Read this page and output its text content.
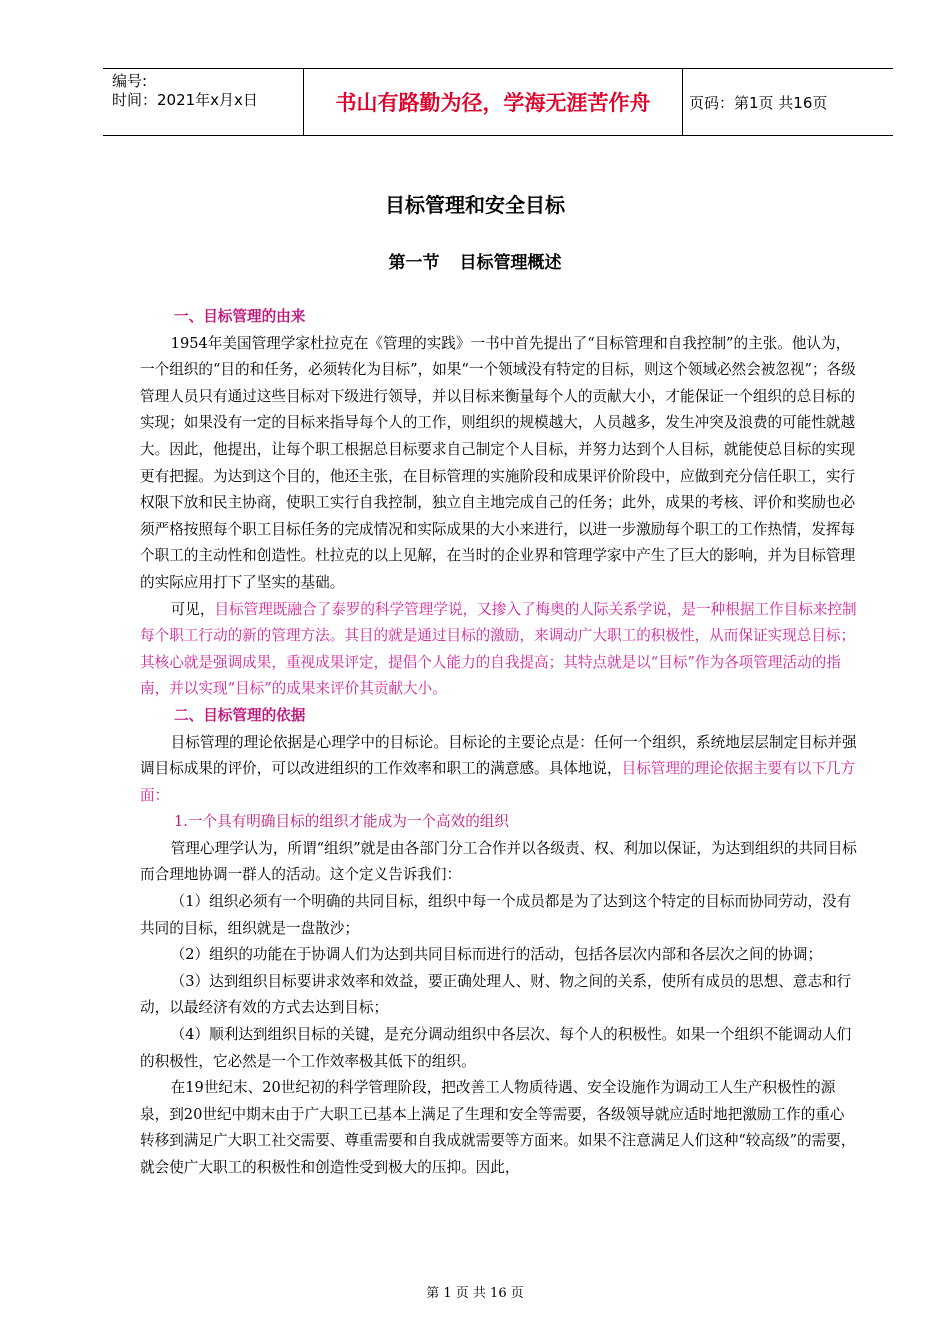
编号:
时间：2021年x月x日	书山有路勤为径，学海无涯苦作舟	页码：第1页 共16页
目标管理和安全目标
第一节 目标管理概述

一、目标管理的由来

1954年美国管理学家杜拉克在《管理的实践》一书中首先提出了“目标管理和自我控制”的主张。他认为，一个组织的“目的和任务，必须转化为目标”，如果“一个领域没有特定的目标，则这个领域必然会被忽视”；各级管理人员只有通过这些目标对下级进行领导，并以目标来衡量每个人的贡献大小，才能保证一个组织的总目标的实现；如果没有一定的目标来指导每个人的工作，则组织的规模越大，人员越多，发生冲突及浪费的可能性就越大。因此，他提出，让每个职工根据总目标要求自己制定个人目标，并努力达到个人目标，就能使总目标的实现更有把握。为达到这个目的，他还主张，在目标管理的实施阶段和成果评价阶段中，应做到充分信任职工，实行权限下放和民主协商，使职工实行自我控制，独立自主地完成自己的任务；此外，成果的考核、评价和奖励也必须严格按照每个职工目标任务的完成情况和实际成果的大小来进行，以进一步激励每个职工的工作热情，发挥每个职工的主动性和创造性。杜拉克的以上见解，在当时的企业界和管理学家中产生了巨大的影响，并为目标管理的实际应用打下了坚实的基础。

可见，目标管理既融合了泰罗的科学管理学说，又掺入了梅奥的人际关系学说，是一种根据工作目标来控制每个职工行动的新的管理方法。其目的就是通过目标的激励，来调动广大职工的积极性，从而保证实现总目标；其核心就是强调成果，重视成果评定，提倡个人能力的自我提高；其特点就是以“目标”作为各项管理活动的指南，并以实现“目标”的成果来评价其贡献大小。

二、目标管理的依据

目标管理的理论依据是心理学中的目标论。目标论的主要论点是：任何一个组织，系统地层层制定目标并强调目标成果的评价，可以改进组织的工作效率和职工的满意感。具体地说，目标管理的理论依据主要有以下几方面：

1.一个具有明确目标的组织才能成为一个高效的组织

管理心理学认为，所谓“组织”就是由各部门分工合作并以各级责、权、利加以保证，为达到组织的共同目标而合理地协调一群人的活动。这个定义告诉我们：

（1）组织必须有一个明确的共同目标，组织中每一个成员都是为了达到这个特定的目标而协同劳动，没有共同的目标，组织就是一盘散沙；

（2）组织的功能在于协调人们为达到共同目标而进行的活动，包括各层次内部和各层次之间的协调；

（3）达到组织目标要讲求效率和效益，要正确处理人、财、物之间的关系，使所有成员的思想、意志和行动，以最经济有效的方式去达到目标；

（4）顺利达到组织目标的关键，是充分调动组织中各层次、每个人的积极性。如果一个组织不能调动人们的积极性，它必然是一个工作效率极其低下的组织。

在19世纪末、20世纪初的科学管理阶段，把改善工人物质待遇、安全设施作为调动工人生产积极性的源泉，到20世纪中期末由于广大职工已基本上满足了生理和安全等需要，各级领导就应适时地把激励工作的重心转移到满足广大职工社交需要、尊重需要和自我成就需要等方面来。如果不注意满足人们这种“较高级”的需要，就会使广大职工的积极性和创造性受到极大的压抑。因此，

第 1 页 共 16 页
